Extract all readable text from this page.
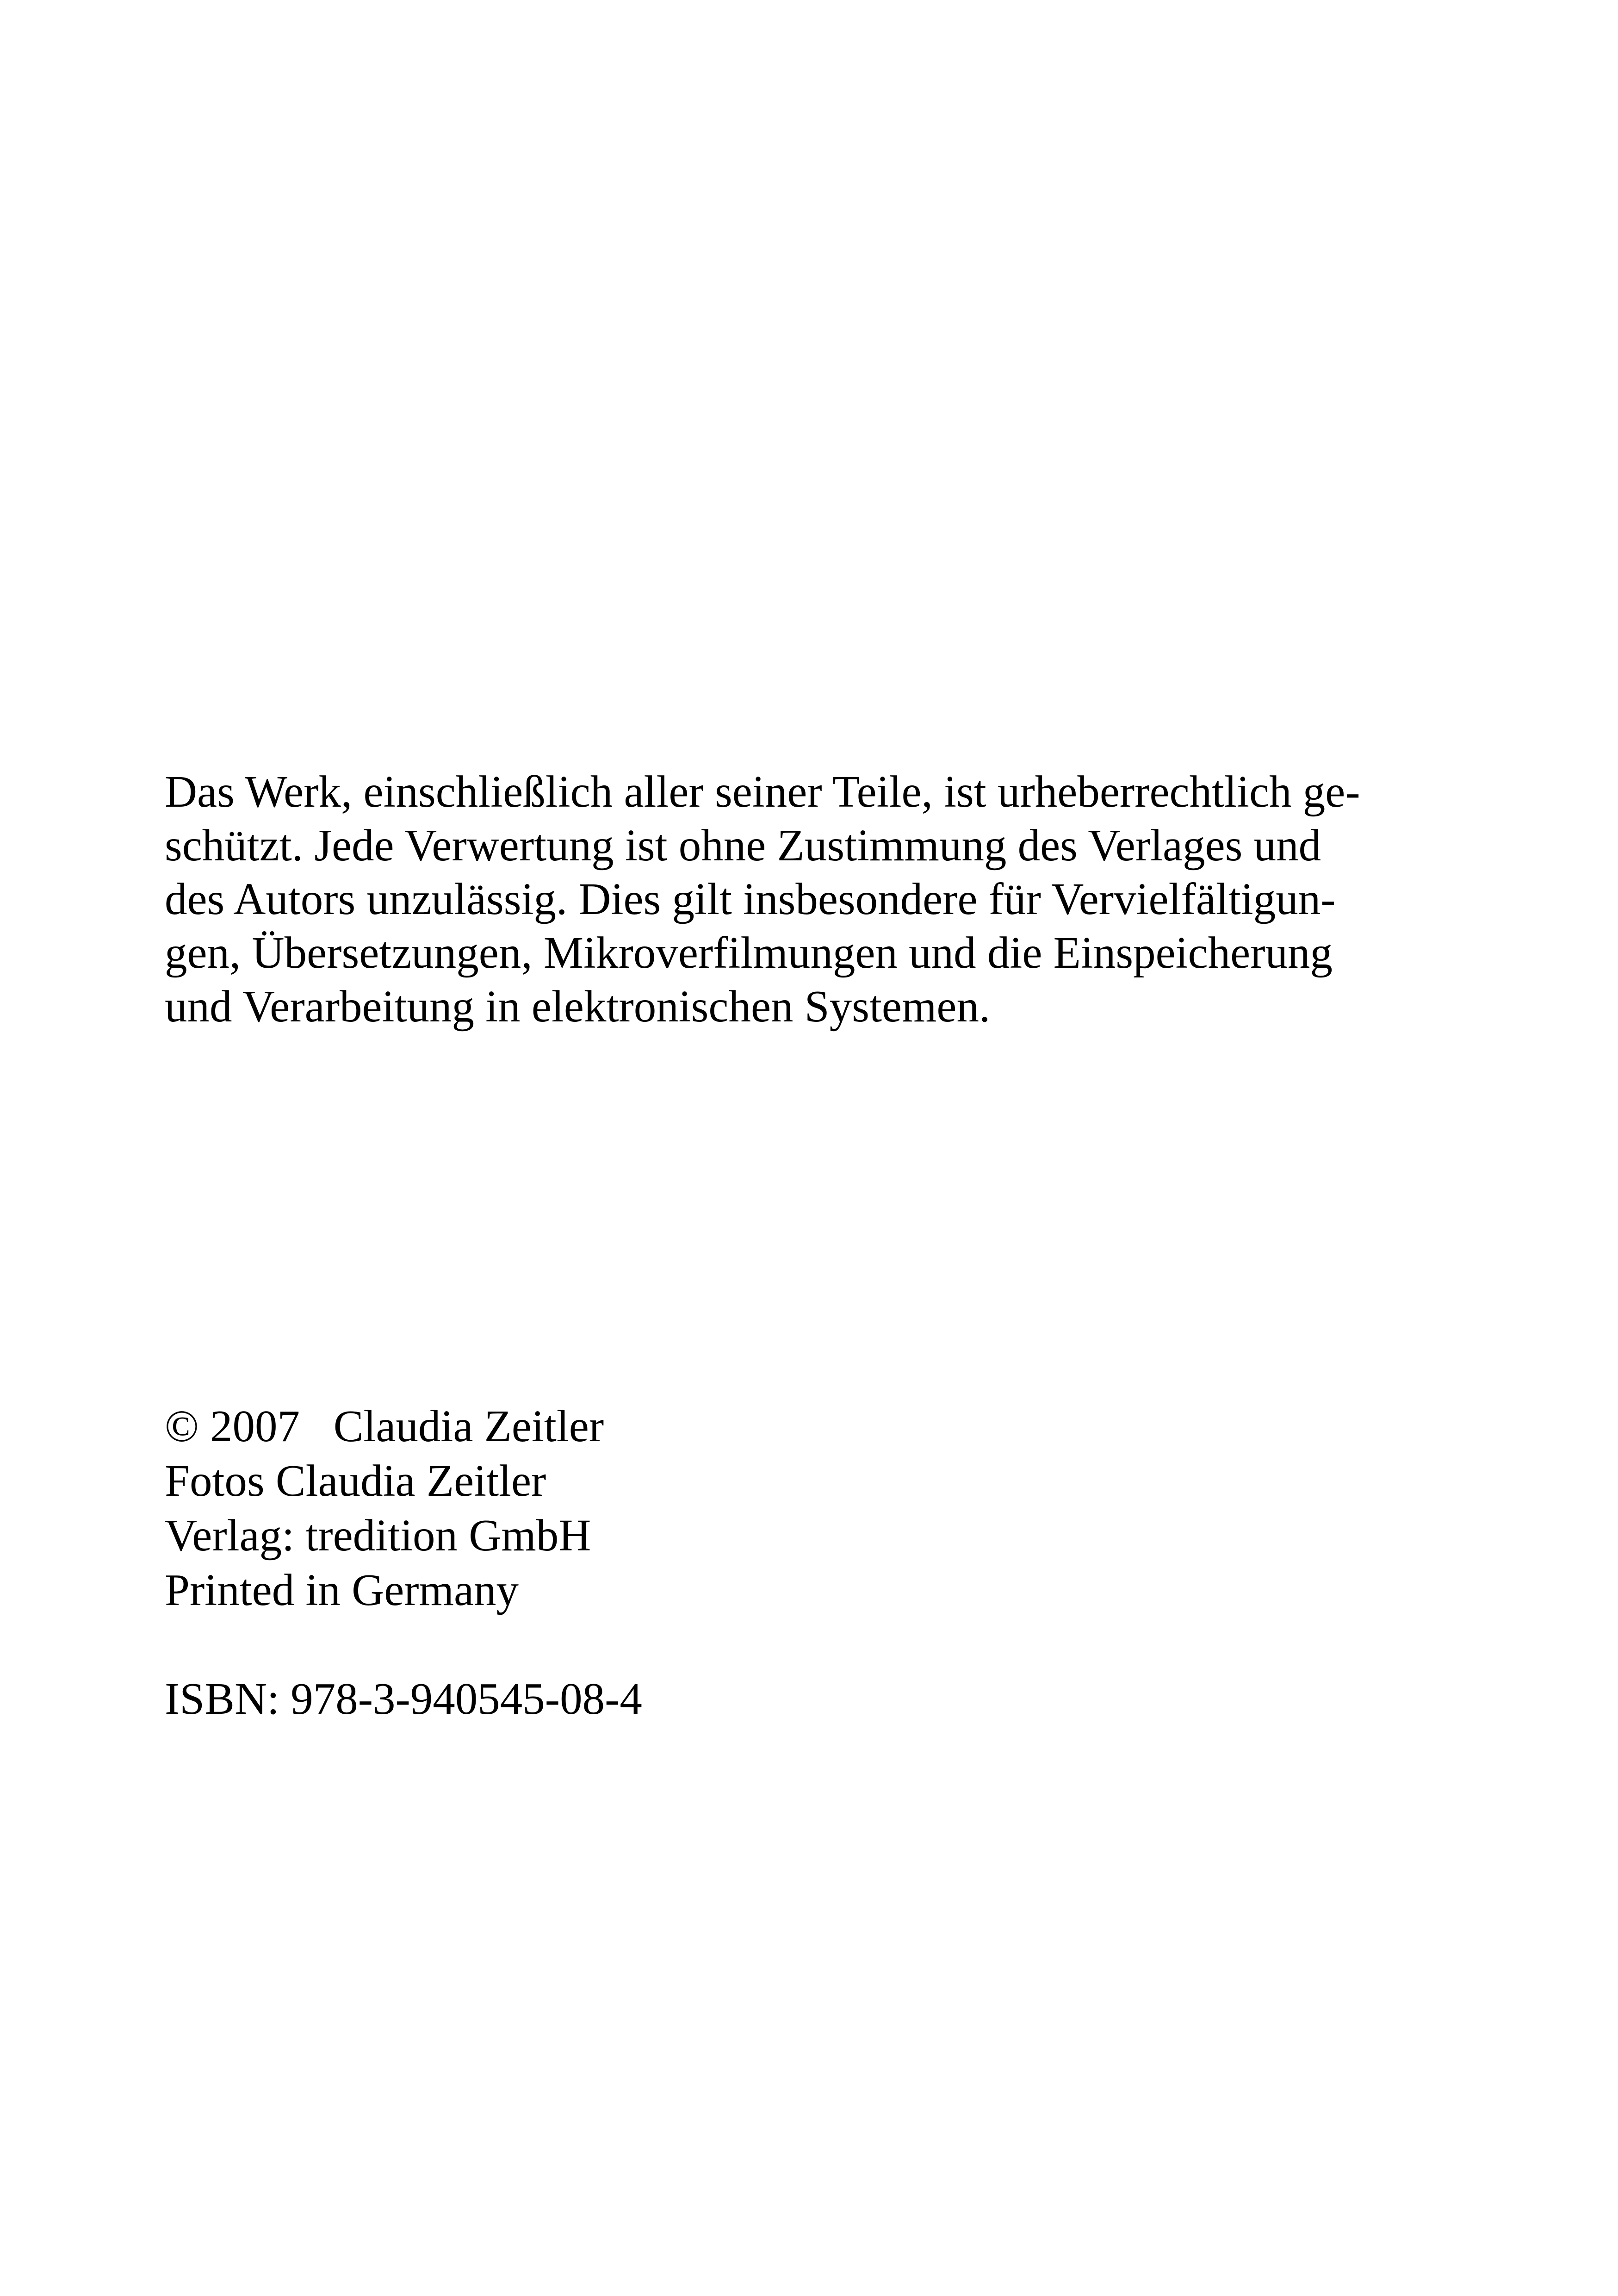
Das Werk, einschließlich aller seiner Teile, ist urheberrechtlich ge-
schützt. Jede Verwertung ist ohne Zustimmung des Verlages und
des Autors unzulässig. Dies gilt insbesondere für Vervielfältigun-
gen, Übersetzungen, Mikroverfilmungen und die Einspeicherung
und Verarbeitung in elektronischen Systemen.
© 2007   Claudia Zeitler
Fotos Claudia Zeitler
Verlag: tredition GmbH
Printed in Germany
ISBN: 978-3-940545-08-4
